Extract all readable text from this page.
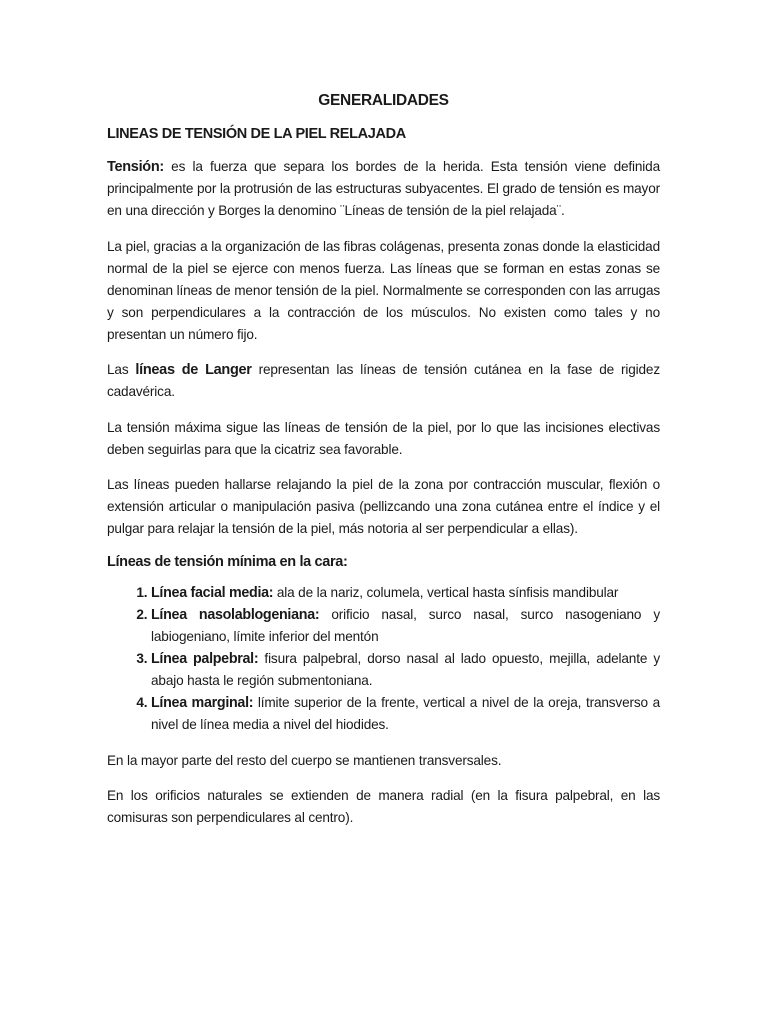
GENERALIDADES
LINEAS DE TENSIÓN DE LA PIEL RELAJADA

Tensión: es la fuerza que separa los bordes de la herida. Esta tensión viene definida principalmente por la protrusión de las estructuras subyacentes. El grado de tensión es mayor en una dirección y Borges la denomino ¨Líneas de tensión de la piel relajada¨.

La piel, gracias a la organización de las fibras colágenas, presenta zonas donde la elasticidad normal de la piel se ejerce con menos fuerza. Las líneas que se forman en estas zonas se denominan líneas de menor tensión de la piel. Normalmente se corresponden con las arrugas y son perpendiculares a la contracción de los músculos. No existen como tales y no presentan un número fijo.

Las líneas de Langer representan las líneas de tensión cutánea en la fase de rigidez cadavérica.

La tensión máxima sigue las líneas de tensión de la piel, por lo que las incisiones electivas deben seguirlas para que la cicatriz sea favorable.

Las líneas pueden hallarse relajando la piel de la zona por contracción muscular, flexión o extensión articular o manipulación pasiva (pellizcando una zona cutánea entre el índice y el pulgar para relajar la tensión de la piel, más notoria al ser perpendicular a ellas).

Líneas de tensión mínima en la cara:
1. Línea facial media: ala de la nariz, columela, vertical hasta sínfisis mandibular
2. Línea nasolablogeniana: orificio nasal, surco nasal, surco nasogeniano y labiogeniano, límite inferior del mentón
3. Línea palpebral: fisura palpebral, dorso nasal al lado opuesto, mejilla, adelante y abajo hasta le región submentoniana.
4. Línea marginal: límite superior de la frente, vertical a nivel de la oreja, transverso a nivel de línea media a nivel del hiodides.

En la mayor parte del resto del cuerpo se mantienen transversales.

En los orificios naturales se extienden de manera radial (en la fisura palpebral, en las comisuras son perpendiculares al centro).
